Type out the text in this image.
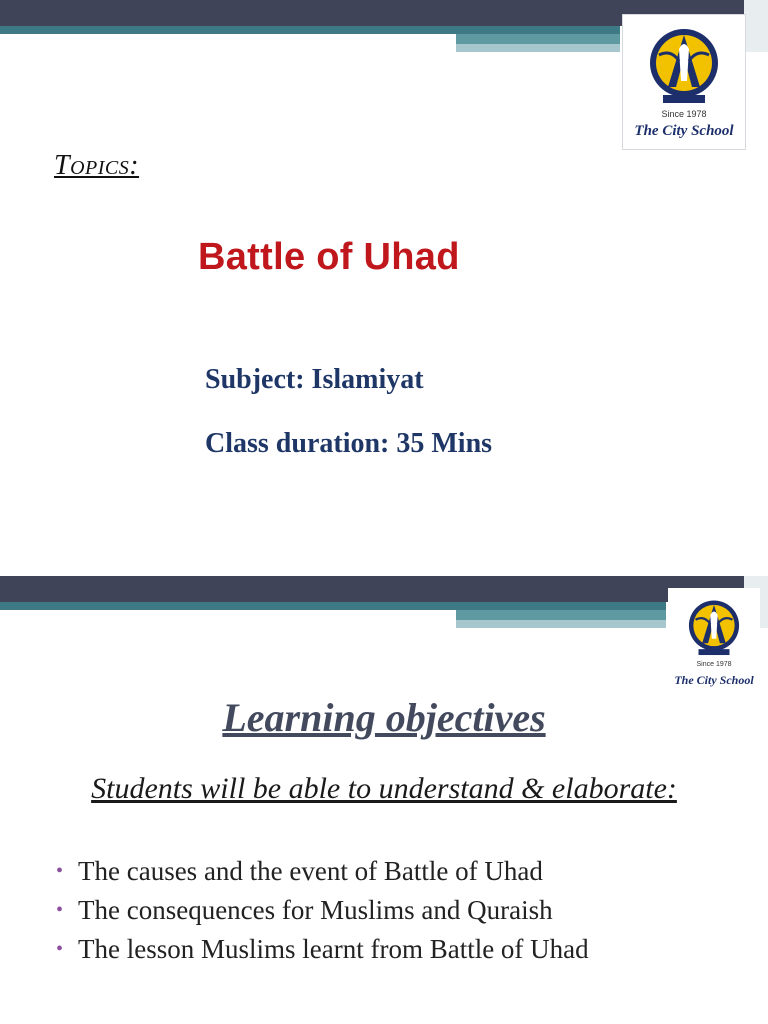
Since 1978
The City School
Topics:
Battle of Uhad
Subject: Islamiyat
Class duration: 35 Mins
Since 1978
The City School
Learning objectives
Students will be able to understand & elaborate:
• The causes and the event of Battle of Uhad
• The consequences for Muslims and Quraish
• The lesson Muslims learnt from Battle of Uhad
